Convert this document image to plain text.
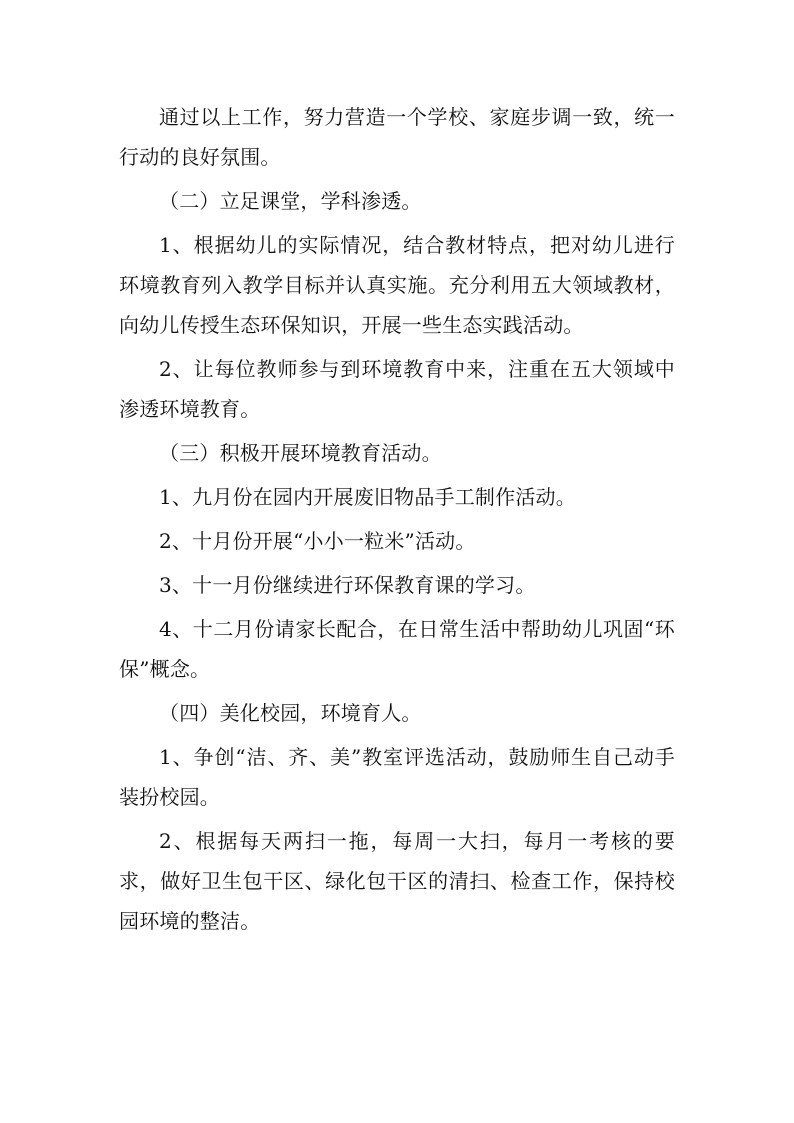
通过以上工作，努力营造一个学校、家庭步调一致，统一行动的良好氛围。

（二）立足课堂，学科渗透。

1、根据幼儿的实际情况，结合教材特点，把对幼儿进行环境教育列入教学目标并认真实施。充分利用五大领域教材，向幼儿传授生态环保知识，开展一些生态实践活动。

2、让每位教师参与到环境教育中来，注重在五大领域中渗透环境教育。

（三）积极开展环境教育活动。

1、九月份在园内开展废旧物品手工制作活动。

2、十月份开展“小小一粒米”活动。

3、十一月份继续进行环保教育课的学习。

4、十二月份请家长配合，在日常生活中帮助幼儿巩固“环保”概念。

（四）美化校园，环境育人。

1、争创“洁、齐、美”教室评选活动，鼓励师生自己动手装扮校园。

2、根据每天两扫一拖，每周一大扫，每月一考核的要求，做好卫生包干区、绿化包干区的清扫、检查工作，保持校园环境的整洁。
